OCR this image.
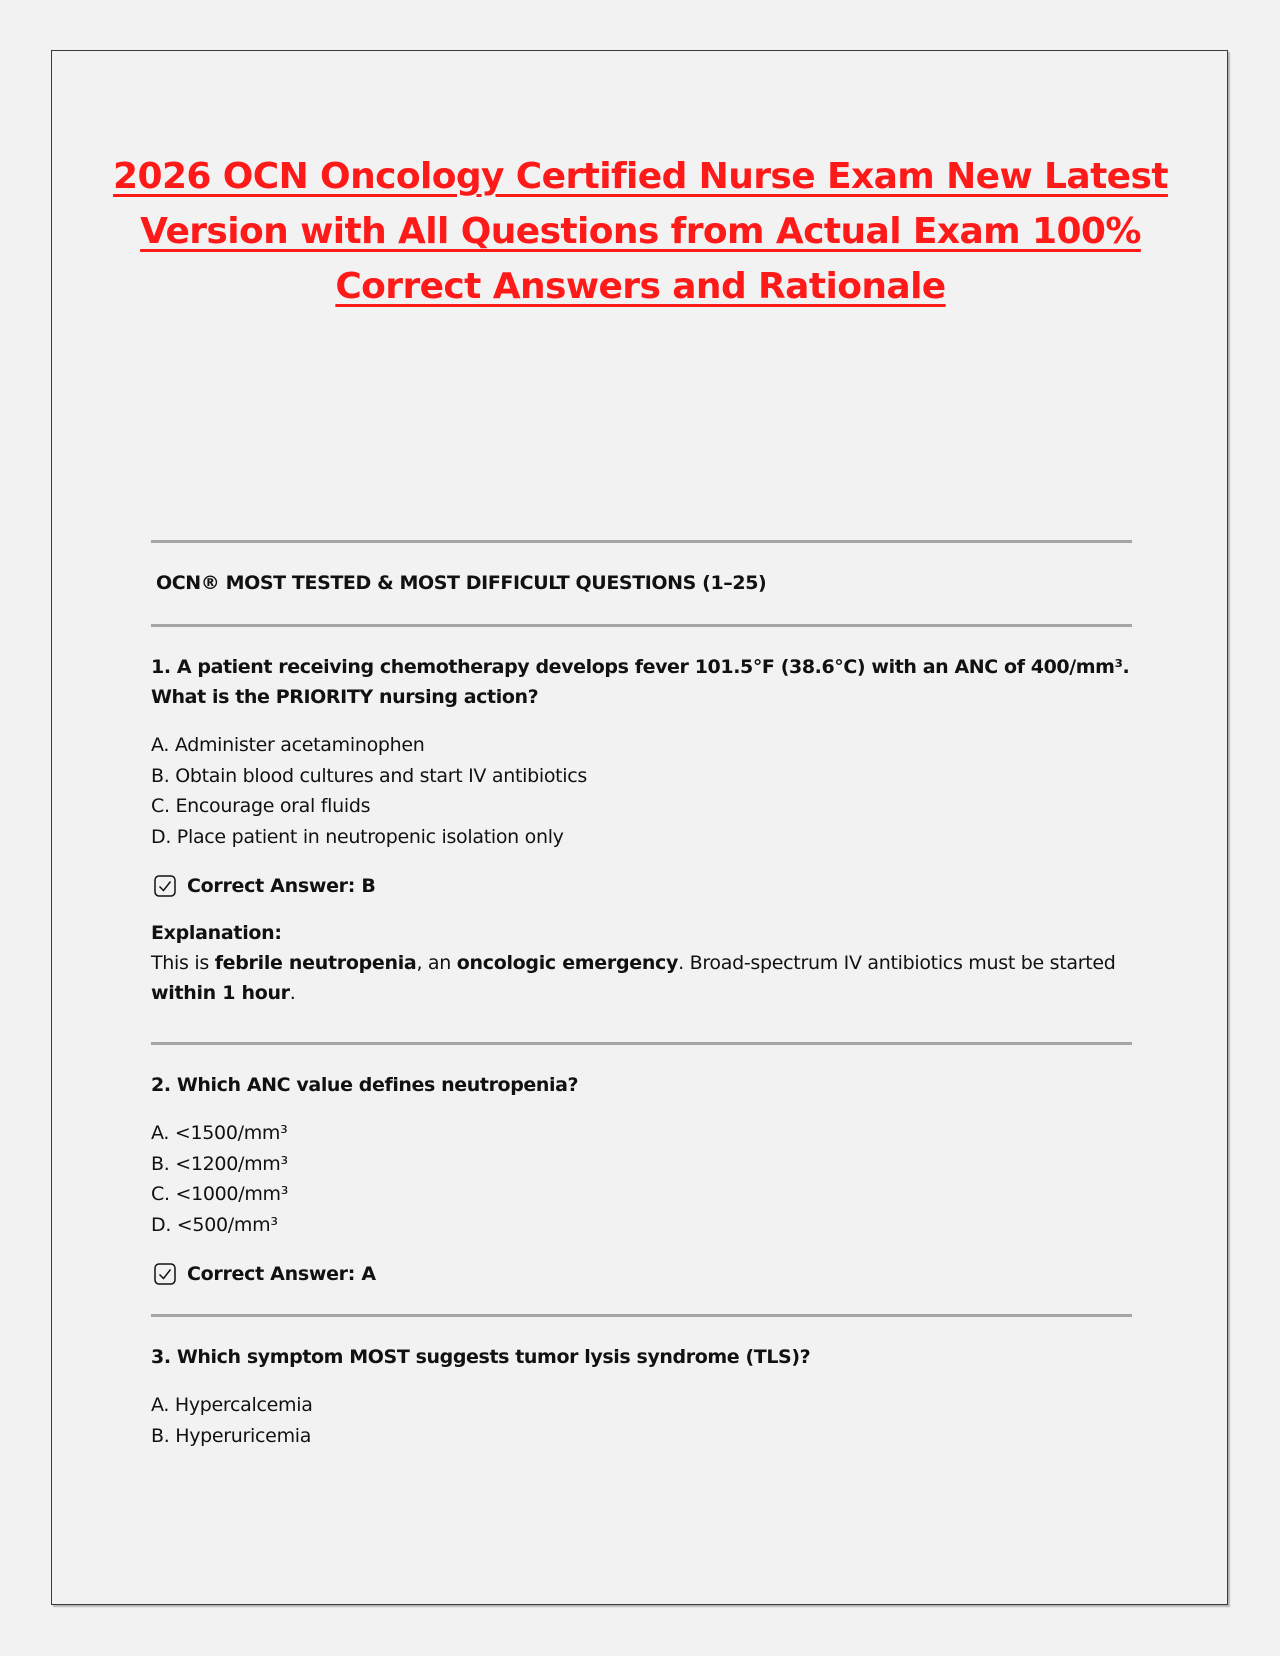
2026 OCN Oncology Certified Nurse Exam New Latest
Version with All Questions from Actual Exam 100%
Correct Answers and Rationale
OCN® MOST TESTED & MOST DIFFICULT QUESTIONS (1–25)

1. A patient receiving chemotherapy develops fever 101.5°F (38.6°C) with an ANC of 400/mm³. What is the PRIORITY nursing action?

A. Administer acetaminophen
B. Obtain blood cultures and start IV antibiotics
C. Encourage oral fluids
D. Place patient in neutropenic isolation only
Correct Answer: B

Explanation:

This is febrile neutropenia, an oncologic emergency. Broad-spectrum IV antibiotics must be started within 1 hour.

2. Which ANC value defines neutropenia?

A. <1500/mm³
B. <1200/mm³
C. <1000/mm³
D. <500/mm³
Correct Answer: A

3. Which symptom MOST suggests tumor lysis syndrome (TLS)?

A. Hypercalcemia
B. Hyperuricemia
